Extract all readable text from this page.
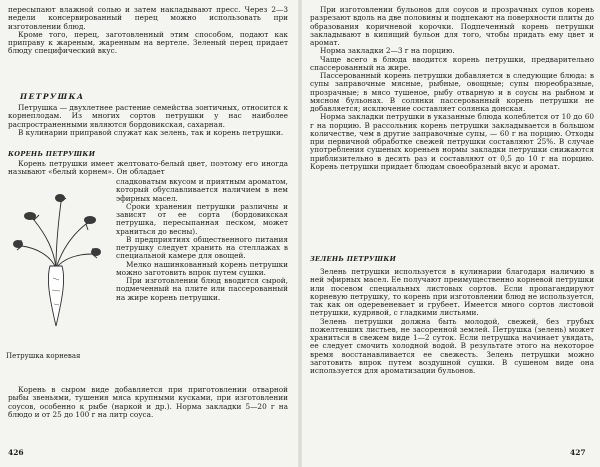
пересыпают влажной солью и затем накладывают пресс. Через 2—3 недели консервированный перец можно использовать при изготовлении блюд.

Кроме того, перец, заготовленный этим способом, подают как приправу к жареным, жаренным на вертеле. Зеленый перец придает блюду специфический вкус.

ПЕТРУШКА

Петрушка — двухлетнее растение семейства зонтичных, относится к корнеплодам. Из многих сортов петрушки у нас наиболее распространенными являются бордовикская, сахарная.

В кулинарии приправой служат как зелень, так и корень петрушки.

КОРЕНЬ ПЕТРУШКИ

Корень петрушки имеет желтовато-белый цвет, поэтому его иногда называют «белый корнем». Он обладает

сладковатым вкусом и приятным ароматом, который обуславливается наличием в нем эфирных масел.

Сроки хранения петрушки различны и зависят от ее сорта (бордовикская петрушка, пересыпанная песком, может храниться до весны).

В предприятиях общественного питания петрушку следует хранить на стеллажах в специальной камере для овощей.

Мелко нашинкованный корень петрушки можно заготовить впрок путем сушки.

При изготовлении блюд вводится сырой, подмеченный на плите или пассерованный на жире корень петрушки.

Петрушка корневая

Корень в сыром виде добавляется при приготовлении отварной рыбы звеньями, тушения мяса крупными кусками, при изготовлении соусов, особенно к рыбе (наркой и др.). Норма закладки 5—20 г на блюдо и от 25 до 100 г на литр соуса.

426

При изготовлении бульонов для соусов и прозрачных супов корень разрезают вдоль на две половины и подпекают на поверхности плиты до образования коричневой корочки. Подпеченный корень петрушки закладывают в кипящий бульон для того, чтобы придать ему цвет и аромат.

Норма закладки 2—3 г на порцию.

Чаще всего в блюда вводится корень петрушки, предварительно спассерованный на жире.

Пассерованный корень петрушки добавляется в следующие блюда: в супы заправочные мясные, рыбные, овощные; супы пюреобразные, прозрачные; в мясо тушеное, рыбу отварную и в соусы на рыбном и мясном бульонах. В солянки пассерованный корень петрушки не добавляется; исключение составляет солянка донская.

Норма закладки петрушки в указанные блюда колеблется от 10 до 60 г на порцию. В рассольник корень петрушки закладывается в большом количестве, чем в другие заправочные супы, — 60 г на порцию. Отходы при первичной обработке свежей петрушки составляют 25%. В случае употребления сушеных кореньев нормы закладки петрушки снижаются приблизительно в десять раз и составляют от 0,5 до 10 г на порцию. Корень петрушки придает блюдам своеобразный вкус и аромат.

ЗЕЛЕНЬ ПЕТРУШКИ

Зелень петрушки используется в кулинарии благодаря наличию в ней эфирных масел. Ее получают преимущественно корневой петрушки или посевом специальных листовых сортов. Если пропагандируют корневую петрушку, то корень при изготовлении блюд не используется, так как он одеревеневает и грубеет. Имеется много сортов листовой петрушки, кудрявой, с гладкими листьями.

Зелень петрушки должна быть молодой, свежей, без грубых пожелтевших листьев, не засоренной землей. Петрушка (зелень) может храниться в свежем виде 1—2 суток. Если петрушка начинает увядать, ее следует смочить холодной водой. В результате этого на некоторое время восстанавливается ее свежесть. Зелень петрушки можно заготовить впрок путем воздушной сушки. В сушеном виде она используется для ароматизации бульонов.

427
